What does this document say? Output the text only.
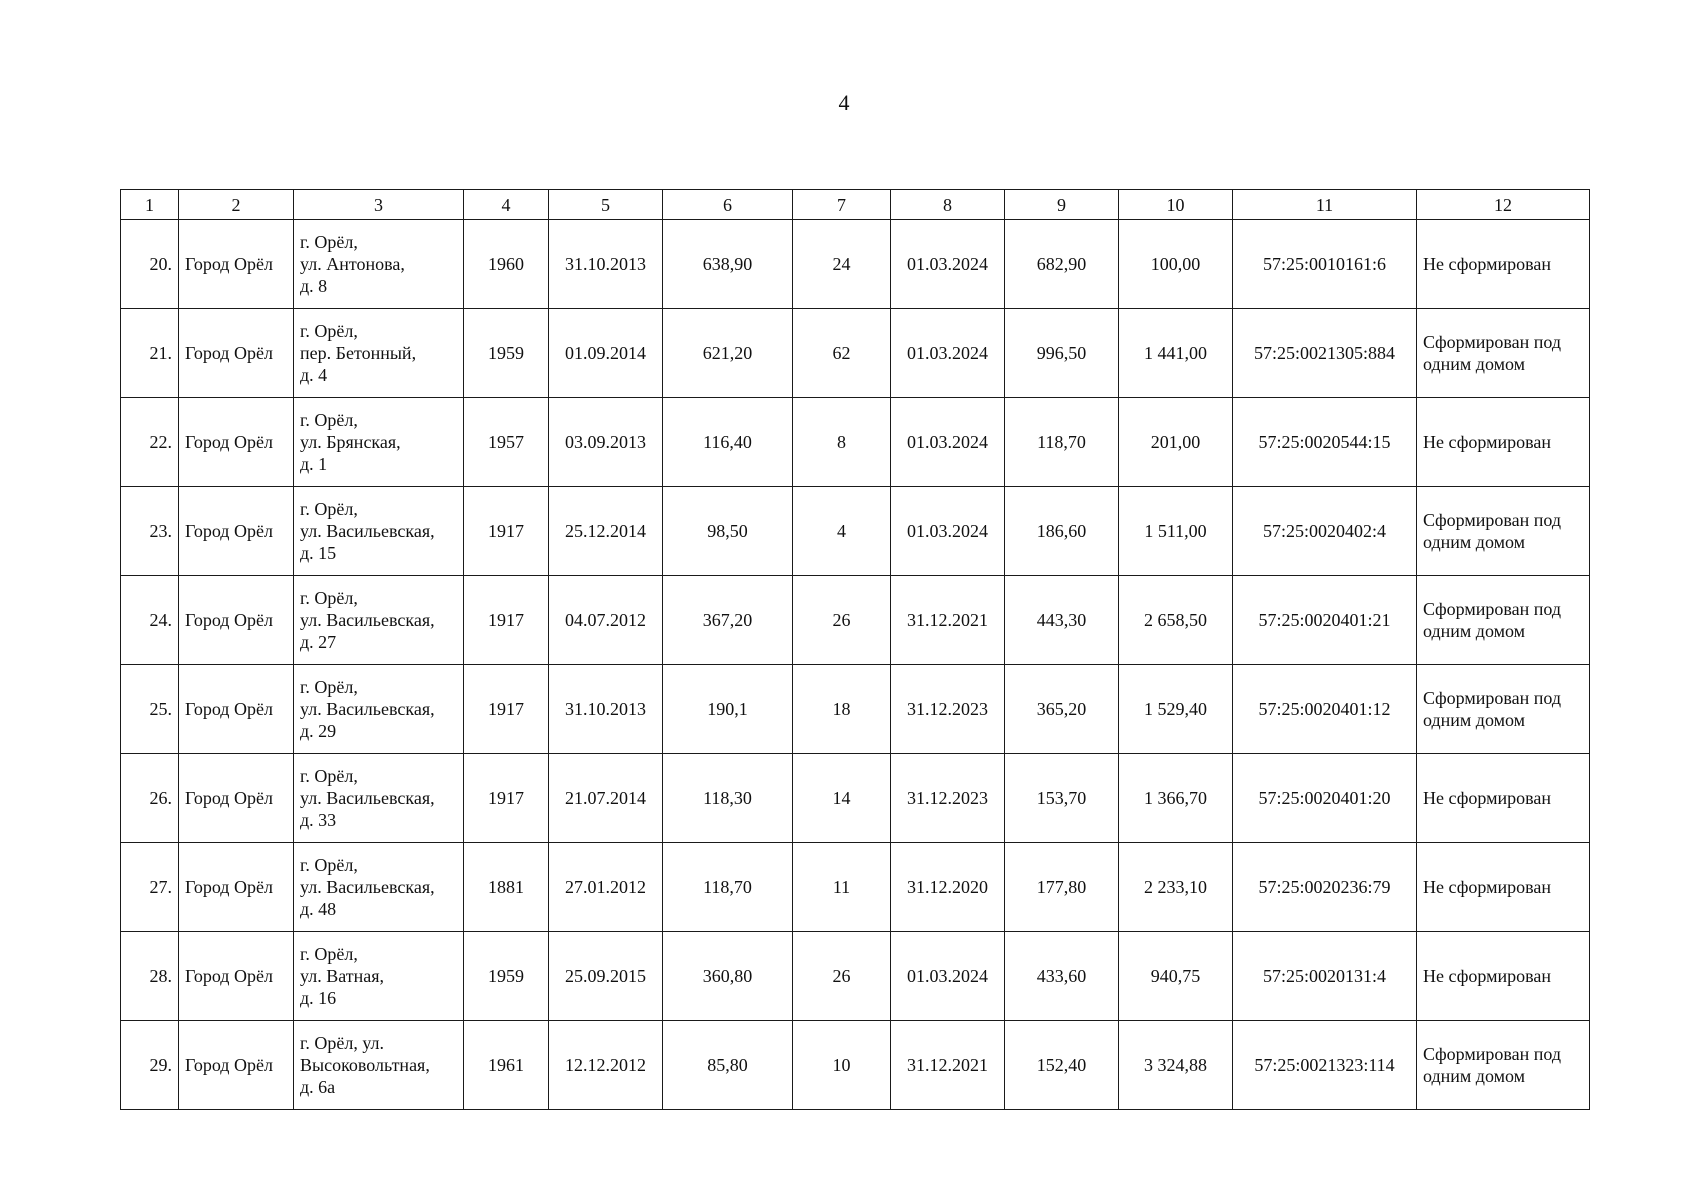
4
1	2	3	4	5	6	7	8	9	10	11	12
20.	Город Орёл	г. Орёл,
ул. Антонова,
д. 8	1960	31.10.2013	638,90	24	01.03.2024	682,90	100,00	57:25:0010161:6	Не сформирован
21.	Город Орёл	г. Орёл,
пер. Бетонный,
д. 4	1959	01.09.2014	621,20	62	01.03.2024	996,50	1 441,00	57:25:0021305:884	Сформирован под одним домом
22.	Город Орёл	г. Орёл,
ул. Брянская,
д. 1	1957	03.09.2013	116,40	8	01.03.2024	118,70	201,00	57:25:0020544:15	Не сформирован
23.	Город Орёл	г. Орёл,
ул. Васильевская,
д. 15	1917	25.12.2014	98,50	4	01.03.2024	186,60	1 511,00	57:25:0020402:4	Сформирован под одним домом
24.	Город Орёл	г. Орёл,
ул. Васильевская,
д. 27	1917	04.07.2012	367,20	26	31.12.2021	443,30	2 658,50	57:25:0020401:21	Сформирован под одним домом
25.	Город Орёл	г. Орёл,
ул. Васильевская,
д. 29	1917	31.10.2013	190,1	18	31.12.2023	365,20	1 529,40	57:25:0020401:12	Сформирован под одним домом
26.	Город Орёл	г. Орёл,
ул. Васильевская,
д. 33	1917	21.07.2014	118,30	14	31.12.2023	153,70	1 366,70	57:25:0020401:20	Не сформирован
27.	Город Орёл	г. Орёл,
ул. Васильевская,
д. 48	1881	27.01.2012	118,70	11	31.12.2020	177,80	2 233,10	57:25:0020236:79	Не сформирован
28.	Город Орёл	г. Орёл,
ул. Ватная,
д. 16	1959	25.09.2015	360,80	26	01.03.2024	433,60	940,75	57:25:0020131:4	Не сформирован
29.	Город Орёл	г. Орёл, ул.
Высоковольтная,
д. 6а	1961	12.12.2012	85,80	10	31.12.2021	152,40	3 324,88	57:25:0021323:114	Сформирован под одним домом
